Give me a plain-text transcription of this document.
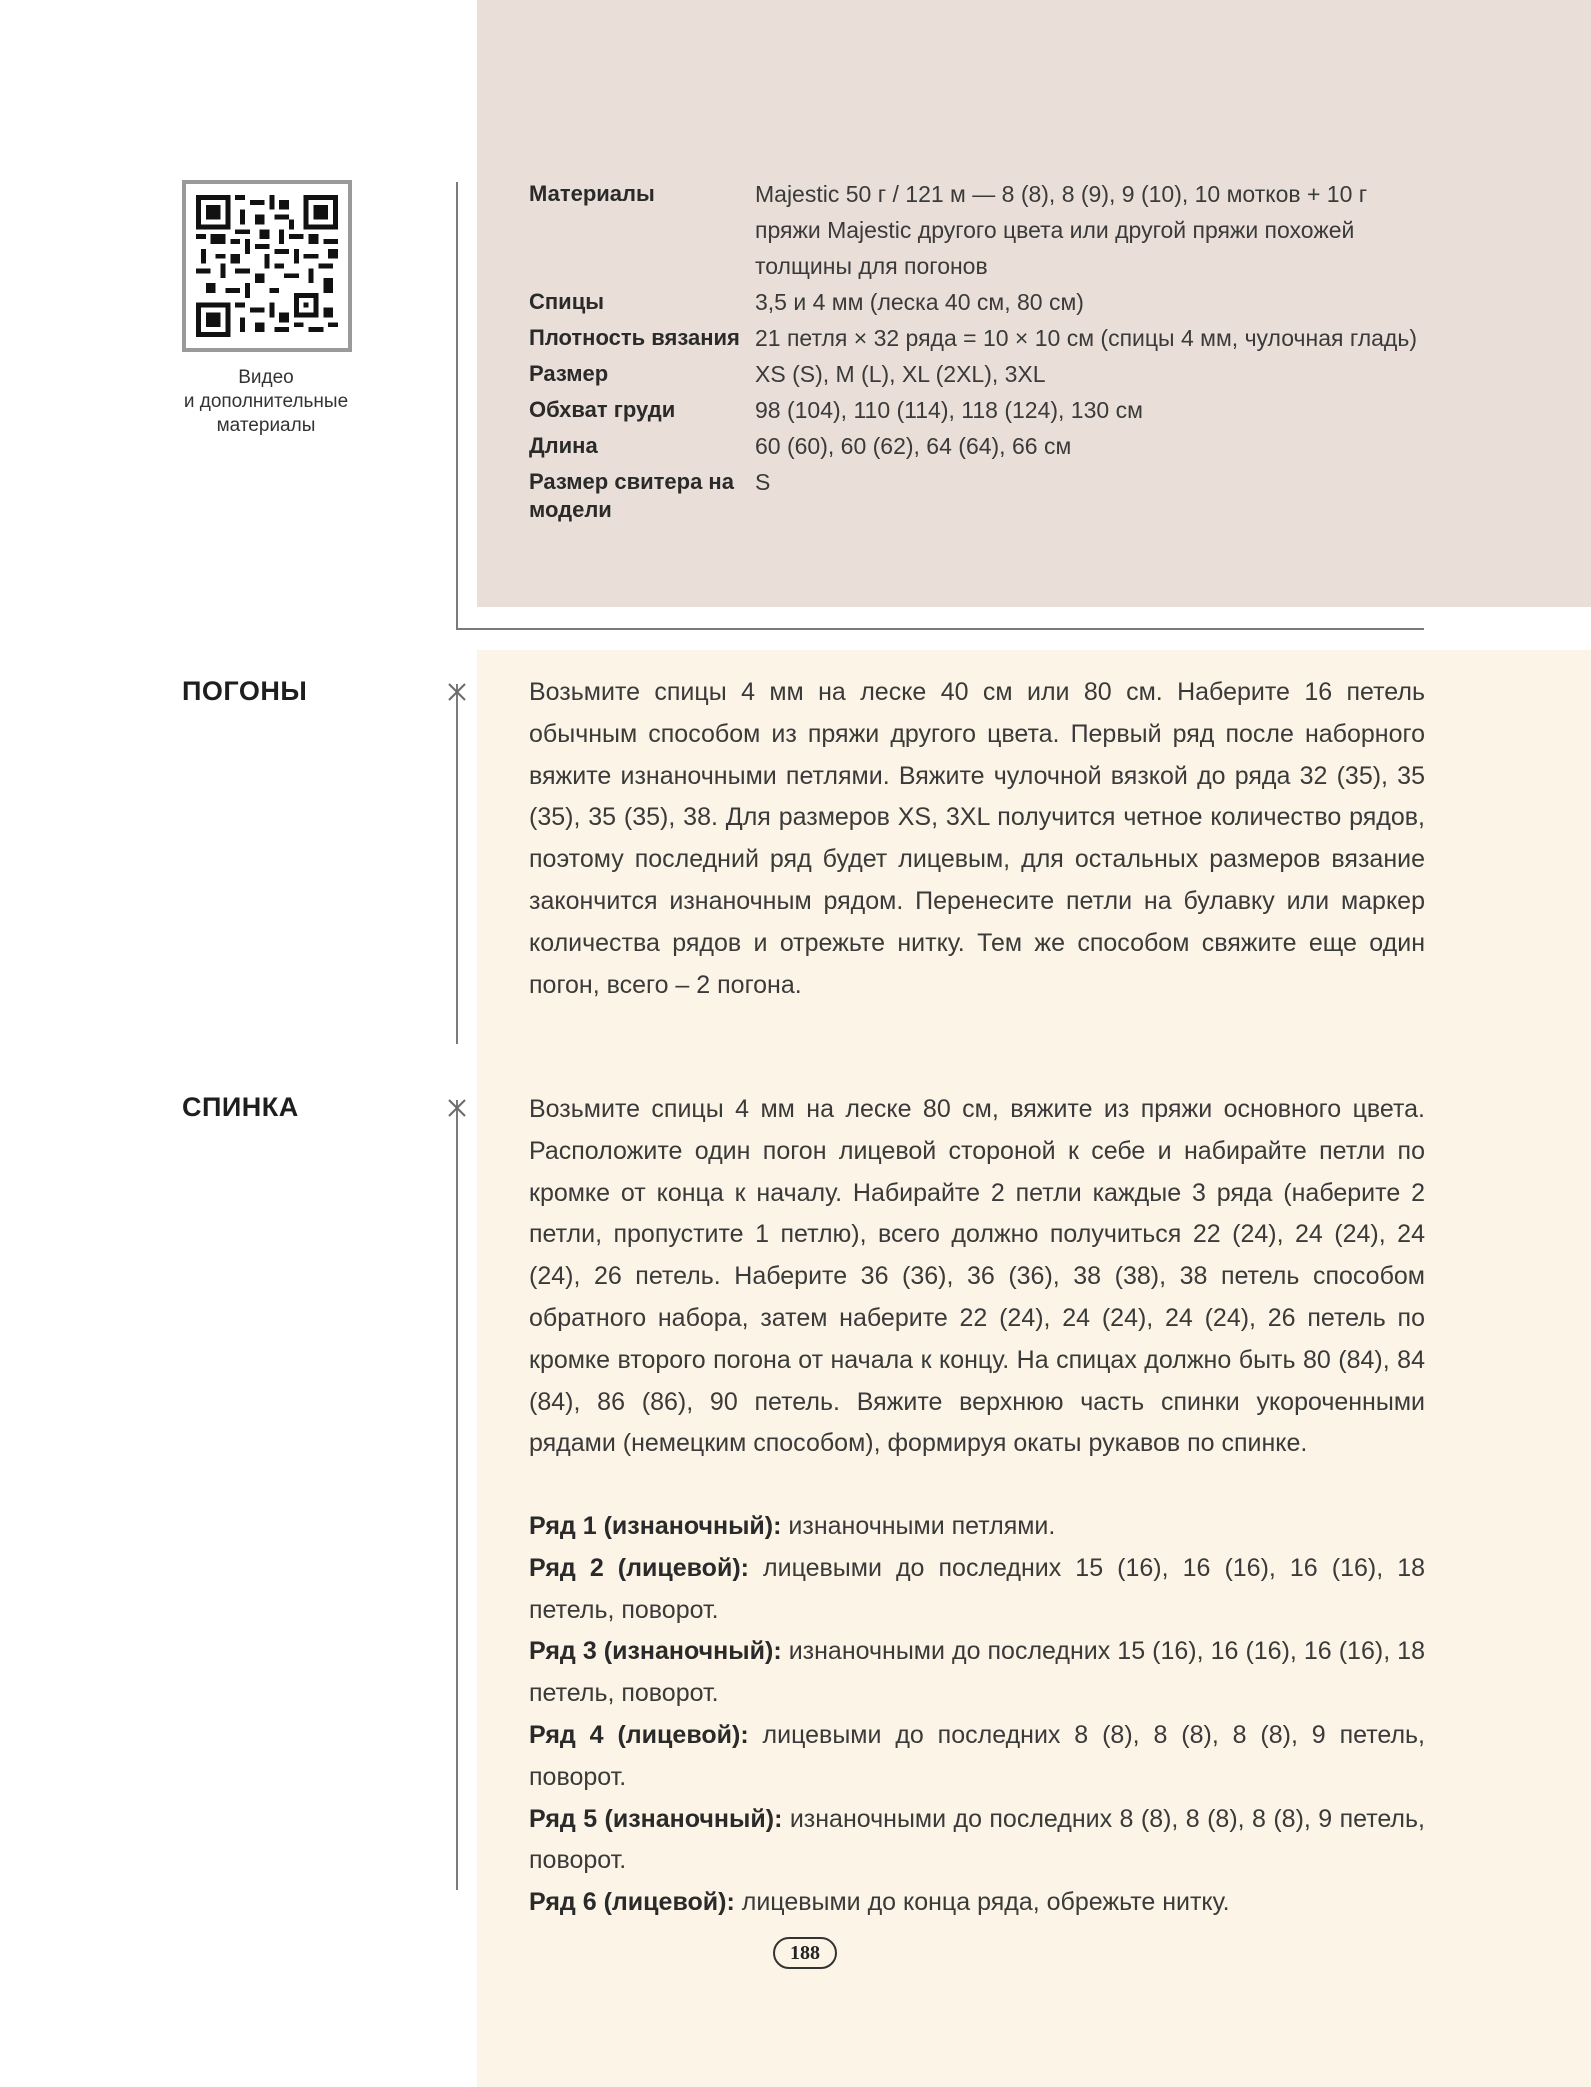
Видео
и дополнительные
материалы
Материалы	Majestic 50 г / 121 м — 8 (8), 8 (9), 9 (10), 10 мотков + 10 г пряжи Majestic другого цвета или другой пряжи похожей толщины для погонов
Спицы	3,5 и 4 мм (леска 40 см, 80 см)
Плотность вязания	21 петля × 32 ряда = 10 × 10 см (спицы 4 мм, чулочная гладь)
Размер	XS (S), M (L), XL (2XL), 3XL
Обхват груди	98 (104), 110 (114), 118 (124), 130 см
Длина	60 (60), 60 (62), 64 (64), 66 см
Размер свитера на модели	S
ПОГОНЫ	Возьмите спицы 4 мм на леске 40 см или 80 см. Наберите 16 петель обычным способом из пряжи другого цвета. Первый ряд после наборного вяжите изнаночными петлями. Вяжите чулочной вязкой до ряда 32 (35), 35 (35), 35 (35), 38. Для размеров XS, 3XL получится четное количество рядов, поэтому последний ряд будет лицевым, для остальных размеров вязание закончится изнаночным рядом. Перенесите петли на булавку или маркер количества рядов и отрежьте нитку. Тем же способом свяжите еще один погон, всего – 2 погона.

СПИНКА	Возьмите спицы 4 мм на леске 80 см, вяжите из пряжи основного цвета. Расположите один погон лицевой стороной к себе и набирайте петли по кромке от конца к началу. Набирайте 2 петли каждые 3 ряда (наберите 2 петли, пропустите 1 петлю), всего должно получиться 22 (24), 24 (24), 24 (24), 26 петель. Наберите 36 (36), 36 (36), 38 (38), 38 петель способом обратного набора, затем наберите 22 (24), 24 (24), 24 (24), 26 петель по кромке второго погона от начала к концу. На спицах должно быть 80 (84), 84 (84), 86 (86), 90 петель. Вяжите верхнюю часть спинки укороченными рядами (немецким способом), формируя окаты рукавов по спинке.

Ряд 1 (изнаночный): изнаночными петлями.

Ряд 2 (лицевой): лицевыми до последних 15 (16), 16 (16), 16 (16), 18 петель, поворот.

Ряд 3 (изнаночный): изнаночными до последних 15 (16), 16 (16), 16 (16), 18 петель, поворот.

Ряд 4 (лицевой): лицевыми до последних 8 (8), 8 (8), 8 (8), 9 петель, поворот.

Ряд 5 (изнаночный): изнаночными до последних 8 (8), 8 (8), 8 (8), 9 петель, поворот.

Ряд 6 (лицевой): лицевыми до конца ряда, обрежьте нитку.

188
